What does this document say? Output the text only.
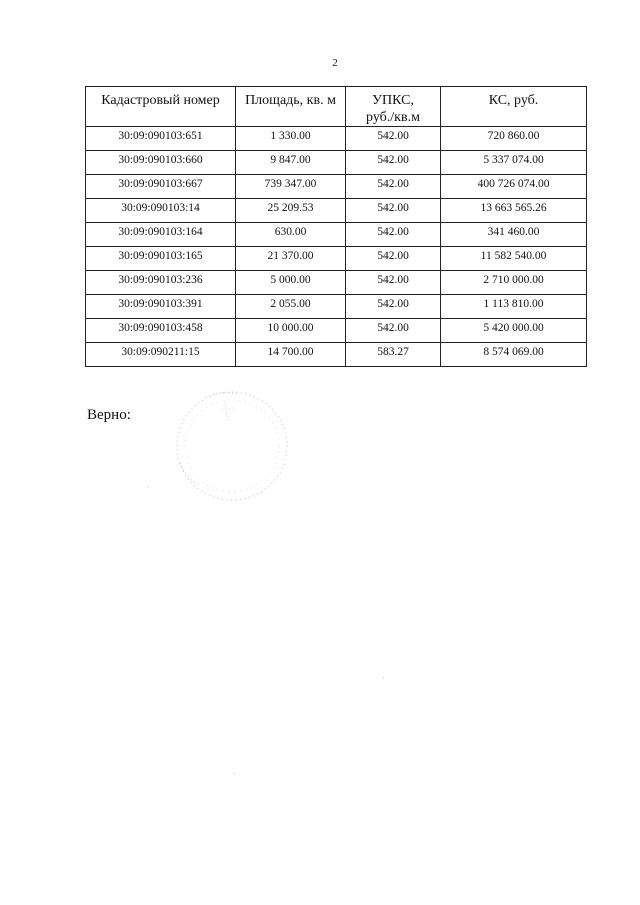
2
Кадастровый номер	Площадь, кв. м	УПКС,
руб./кв.м	КС, руб.
30:09:090103:651	1 330.00	542.00	720 860.00
30:09:090103:660	9 847.00	542.00	5 337 074.00
30:09:090103:667	739 347.00	542.00	400 726 074.00
30:09:090103:14	25 209.53	542.00	13 663 565.26
30:09:090103:164	630.00	542.00	341 460.00
30:09:090103:165	21 370.00	542.00	11 582 540.00
30:09:090103:236	5 000.00	542.00	2 710 000.00
30:09:090103:391	2 055.00	542.00	1 113 810.00
30:09:090103:458	10 000.00	542.00	5 420 000.00
30:09:090211:15	14 700.00	583.27	8 574 069.00
Верно:
